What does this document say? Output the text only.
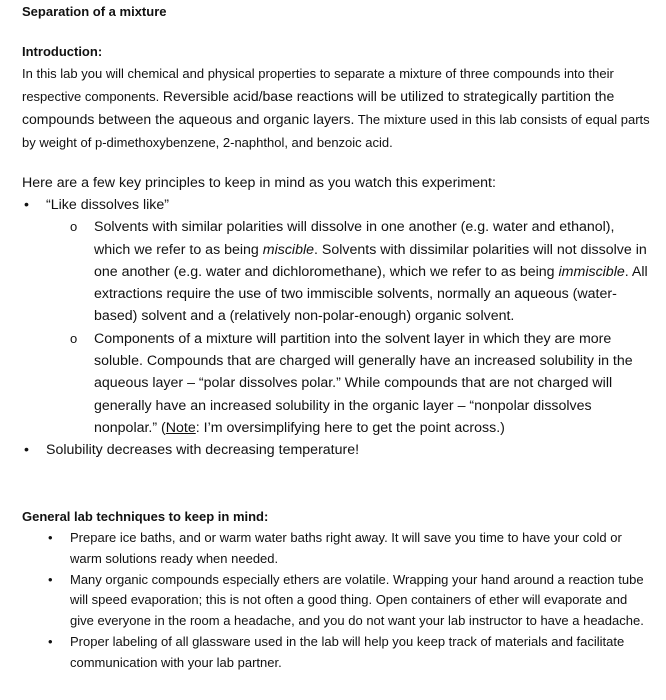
Separation of a mixture
Introduction:
In this lab you will chemical and physical properties to separate a mixture of three compounds into their respective components. Reversible acid/base reactions will be utilized to strategically partition the compounds between the aqueous and organic layers. The mixture used in this lab consists of equal parts by weight of p-dimethoxybenzene, 2-naphthol, and benzoic acid.
Here are a few key principles to keep in mind as you watch this experiment:
• “Like dissolves like”
o Solvents with similar polarities will dissolve in one another (e.g. water and ethanol), which we refer to as being miscible. Solvents with dissimilar polarities will not dissolve in one another (e.g. water and dichloromethane), which we refer to as being immiscible. All extractions require the use of two immiscible solvents, normally an aqueous (water-based) solvent and a (relatively non-polar-enough) organic solvent.
o Components of a mixture will partition into the solvent layer in which they are more soluble. Compounds that are charged will generally have an increased solubility in the aqueous layer – “polar dissolves polar.” While compounds that are not charged will generally have an increased solubility in the organic layer – “nonpolar dissolves nonpolar.” (Note: I’m oversimplifying here to get the point across.)
• Solubility decreases with decreasing temperature!
General lab techniques to keep in mind:
• Prepare ice baths, and or warm water baths right away. It will save you time to have your cold or warm solutions ready when needed.
• Many organic compounds especially ethers are volatile. Wrapping your hand around a reaction tube will speed evaporation; this is not often a good thing. Open containers of ether will evaporate and give everyone in the room a headache, and you do not want your lab instructor to have a headache.
• Proper labeling of all glassware used in the lab will help you keep track of materials and facilitate communication with your lab partner.
